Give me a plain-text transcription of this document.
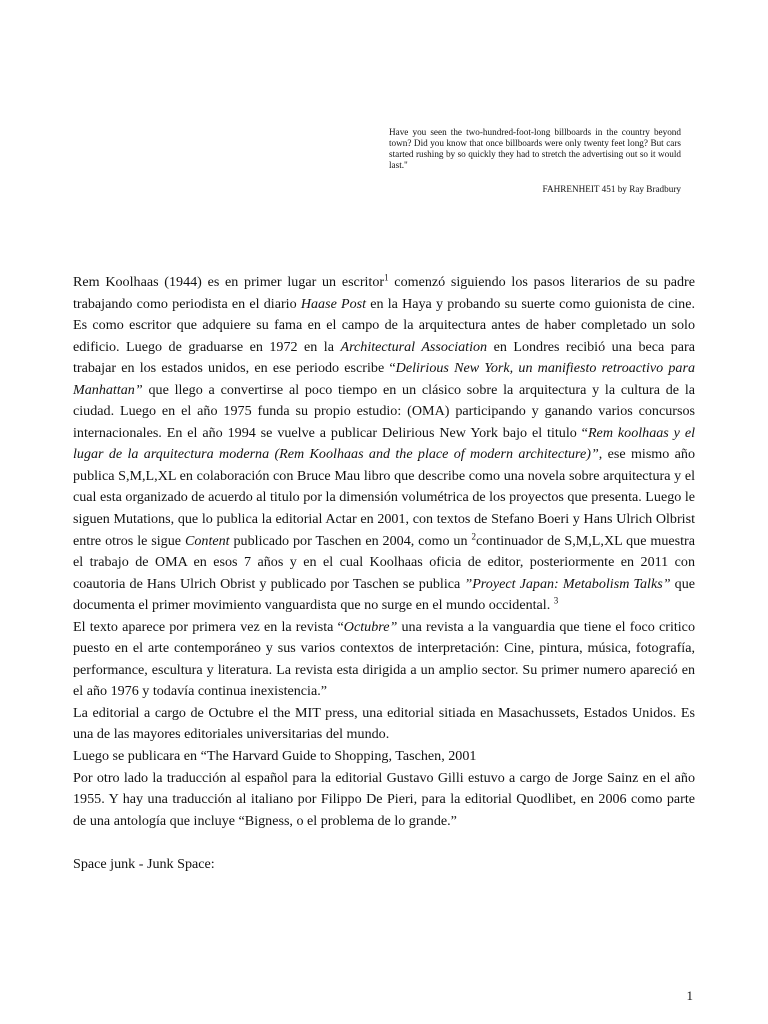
Have you seen the two-hundred-foot-long billboards in the country beyond town? Did you know that once billboards were only twenty feet long? But cars started rushing by so quickly they had to stretch the advertising out so it would last."
FAHRENHEIT 451 by Ray Bradbury

Rem Koolhaas (1944) es en primer lugar un escritor$^1$ comenzó siguiendo los pasos literarios de su padre trabajando como periodista en el diario Haase Post en la Haya y probando su suerte como guionista de cine. Es como escritor que adquiere su fama en el campo de la arquitectura antes de haber completado un solo edificio. Luego de graduarse en 1972 en la Architectural Association en Londres recibió una beca para trabajar en los estados unidos, en ese periodo escribe “Delirious New York, un manifiesto retroactivo para Manhattan” que llego a convertirse al poco tiempo en un clásico sobre la arquitectura y la cultura de la ciudad. Luego en el año 1975 funda su propio estudio: (OMA) participando y ganando varios concursos internacionales. En el año 1994 se vuelve a publicar Delirious New York bajo el titulo “Rem koolhaas y el lugar de la arquitectura moderna (Rem Koolhaas and the place of modern architecture)”, ese mismo año publica S,M,L,XL en colaboración con Bruce Mau libro que describe como una novela sobre arquitectura y el cual esta organizado de acuerdo al titulo por la dimensión volumétrica de los proyectos que presenta. Luego le siguen Mutations, que lo publica la editorial Actar en 2001, con textos de Stefano Boeri y Hans Ulrich Olbrist entre otros le sigue Content publicado por Taschen en 2004, como un $^2$continuador de S,M,L,XL que muestra el trabajo de OMA en esos 7 años y en el cual Koolhaas oficia de editor, posteriormente en 2011 con coautoria de Hans Ulrich Obrist y publicado por Taschen se publica ”Proyect Japan: Metabolism Talks” que documenta el primer movimiento vanguardista que no surge en el mundo occidental. $^3$

El texto aparece por primera vez en la revista “Octubre” una revista a la vanguardia que tiene el foco critico puesto en el arte contemporáneo y sus varios contextos de interpretación: Cine, pintura, música, fotografía, performance, escultura y literatura. La revista esta dirigida a un amplio sector. Su primer numero apareció en el año 1976 y todavía continua inexistencia.”

La editorial a cargo de Octubre el the MIT press, una editorial sitiada en Masachussets, Estados Unidos. Es una de las mayores editoriales universitarias del mundo.

Luego se publicara en “The Harvard Guide to Shopping, Taschen, 2001

Por otro lado la traducción al español para la editorial Gustavo Gilli estuvo a cargo de Jorge Sainz en el año 1955. Y hay una traducción al italiano por Filippo De Pieri, para la editorial Quodlibet, en 2006 como parte de una antología que incluye “Bigness, o el problema de lo grande.”

Space junk - Junk Space:

1
